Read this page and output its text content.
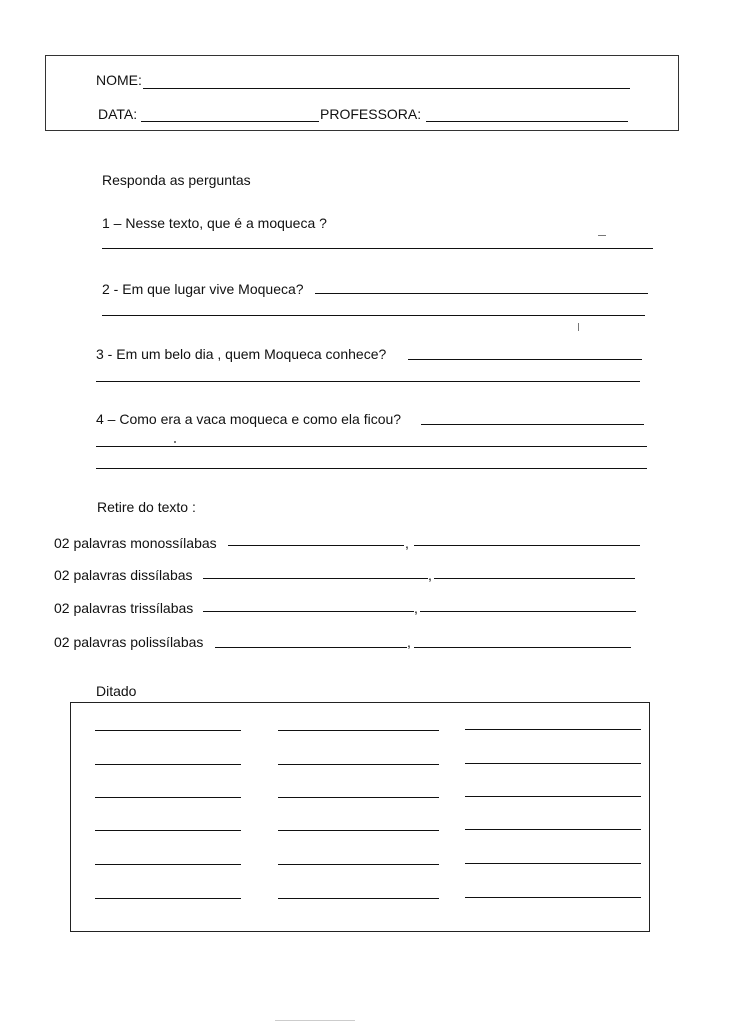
NOME:
DATA:	PROFESSORA:
Responda as perguntas
1 – Nesse texto, que é a moqueca ?
2 - Em que lugar vive Moqueca?
3 - Em um belo dia , quem Moqueca conhece?
4 – Como era a vaca moqueca e como ela ficou?
Retire do texto :
02 palavras monossílabas	,
02 palavras dissílabas	,
02 palavras trissílabas	,
02 palavras polissílabas	,
Ditado
